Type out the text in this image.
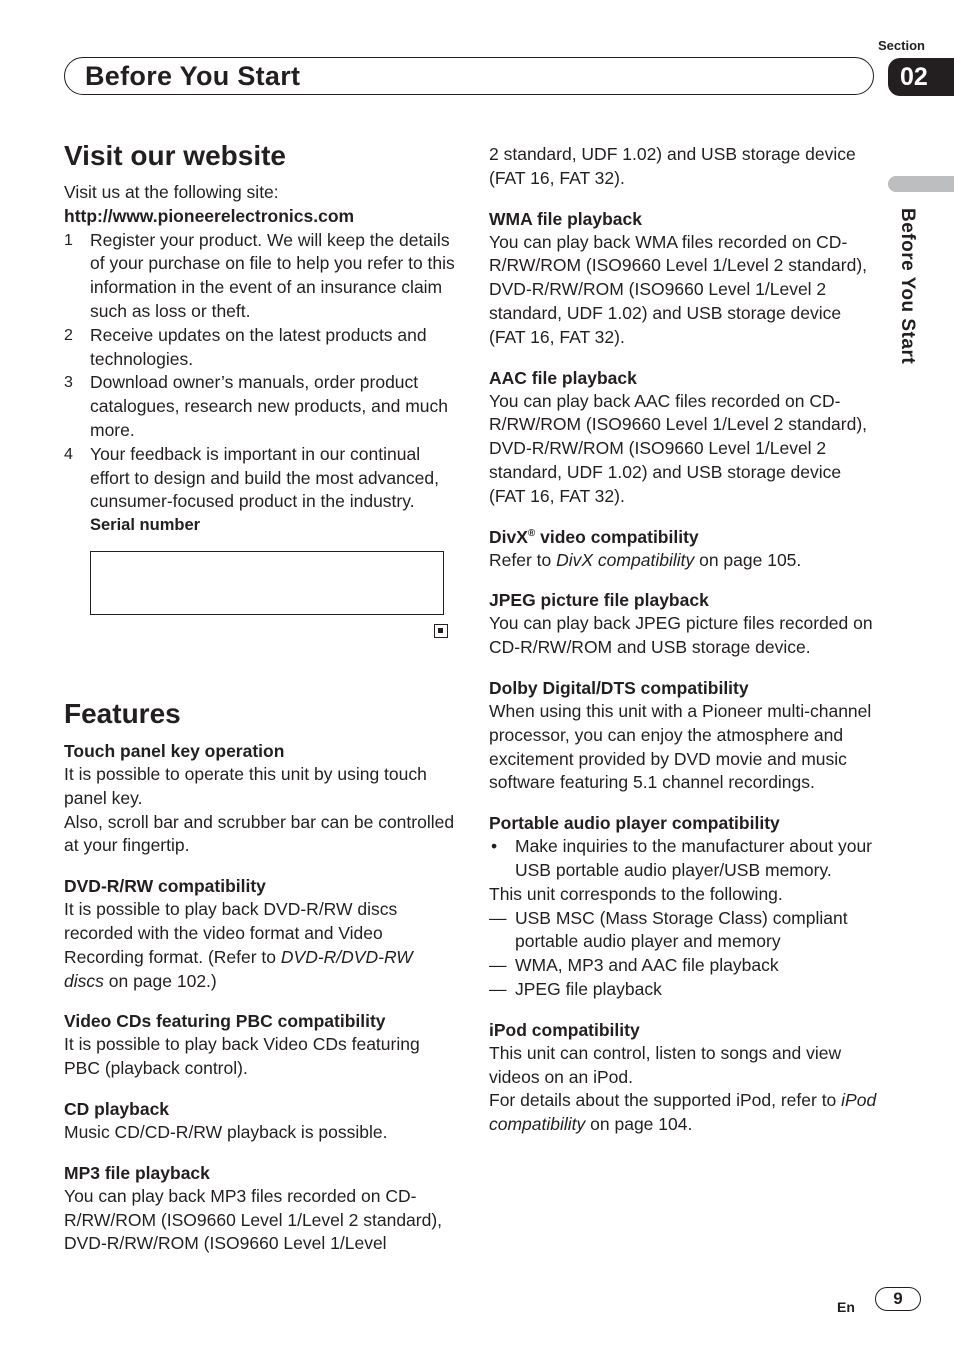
Section
Before You Start	02
Before You Start
Visit our website
Visit us at the following site:
http://www.pioneerelectronics.com
1 Register your product. We will keep the details of your purchase on file to help you refer to this information in the event of an insurance claim such as loss or theft.
2 Receive updates on the latest products and technologies.
3 Download owner’s manuals, order product catalogues, research new products, and much more.
4 Your feedback is important in our continual effort to design and build the most advanced, cunsumer-focused product in the industry.
Serial number
Features
Touch panel key operation
It is possible to operate this unit by using touch panel key.
Also, scroll bar and scrubber bar can be controlled at your fingertip.
DVD-R/RW compatibility
It is possible to play back DVD-R/RW discs recorded with the video format and Video Recording format. (Refer to DVD-R/DVD-RW discs on page 102.)
Video CDs featuring PBC compatibility
It is possible to play back Video CDs featuring PBC (playback control).
CD playback
Music CD/CD-R/RW playback is possible.
MP3 file playback
You can play back MP3 files recorded on CD-R/RW/ROM (ISO9660 Level 1/Level 2 standard), DVD-R/RW/ROM (ISO9660 Level 1/Level
2 standard, UDF 1.02) and USB storage device (FAT 16, FAT 32).
WMA file playback
You can play back WMA files recorded on CD-R/RW/ROM (ISO9660 Level 1/Level 2 standard), DVD-R/RW/ROM (ISO9660 Level 1/Level 2 standard, UDF 1.02) and USB storage device (FAT 16, FAT 32).
AAC file playback
You can play back AAC files recorded on CD-R/RW/ROM (ISO9660 Level 1/Level 2 standard), DVD-R/RW/ROM (ISO9660 Level 1/Level 2 standard, UDF 1.02) and USB storage device (FAT 16, FAT 32).
DivX® video compatibility
Refer to DivX compatibility on page 105.
JPEG picture file playback
You can play back JPEG picture files recorded on CD-R/RW/ROM and USB storage device.
Dolby Digital/DTS compatibility
When using this unit with a Pioneer multi-channel processor, you can enjoy the atmosphere and excitement provided by DVD movie and music software featuring 5.1 channel recordings.
Portable audio player compatibility
•	Make inquiries to the manufacturer about your USB portable audio player/USB memory.
This unit corresponds to the following.
— USB MSC (Mass Storage Class) compliant portable audio player and memory
— WMA, MP3 and AAC file playback
— JPEG file playback
iPod compatibility
This unit can control, listen to songs and view videos on an iPod.
For details about the supported iPod, refer to iPod compatibility on page 104.
En	9
